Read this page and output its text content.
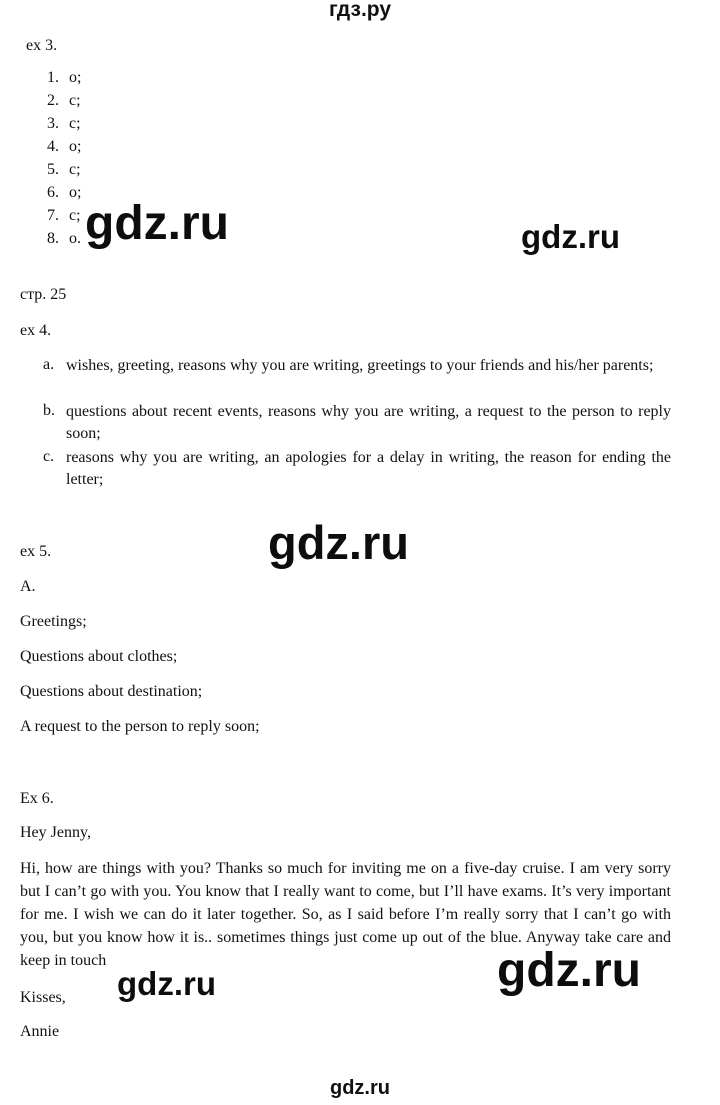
гдз.ру
ex 3.
1. o;
2. c;
3. c;
4. o;
5. c;
6. o;
7. c;
8. o. gdz.ru	gdz.ru
стр. 25
ex 4.
a. wishes, greeting, reasons why you are writing, greetings to your friends and his/her parents;
b. questions about recent events, reasons why you are writing, a request to the person to reply soon;
c. reasons why you are writing, an apologies for a delay in writing, the reason for ending the letter;
gdz.ru
ex 5.
A.
Greetings;
Questions about clothes;
Questions about destination;
A request to the person to reply soon;
Ex 6.
Hey Jenny,
Hi, how are things with you? Thanks so much for inviting me on a five-day cruise. I am very sorry but I can’t go with you. You know that I really want to come, but I’ll have exams. It’s very important for me. I wish we can do it later together. So, as I said before I’m really sorry that I can’t go with you, but you know how it is.. sometimes things just come up out of the blue. Anyway take care and keep in touch	gdz.ru
gdz.ru
Kisses,
Annie
gdz.ru
